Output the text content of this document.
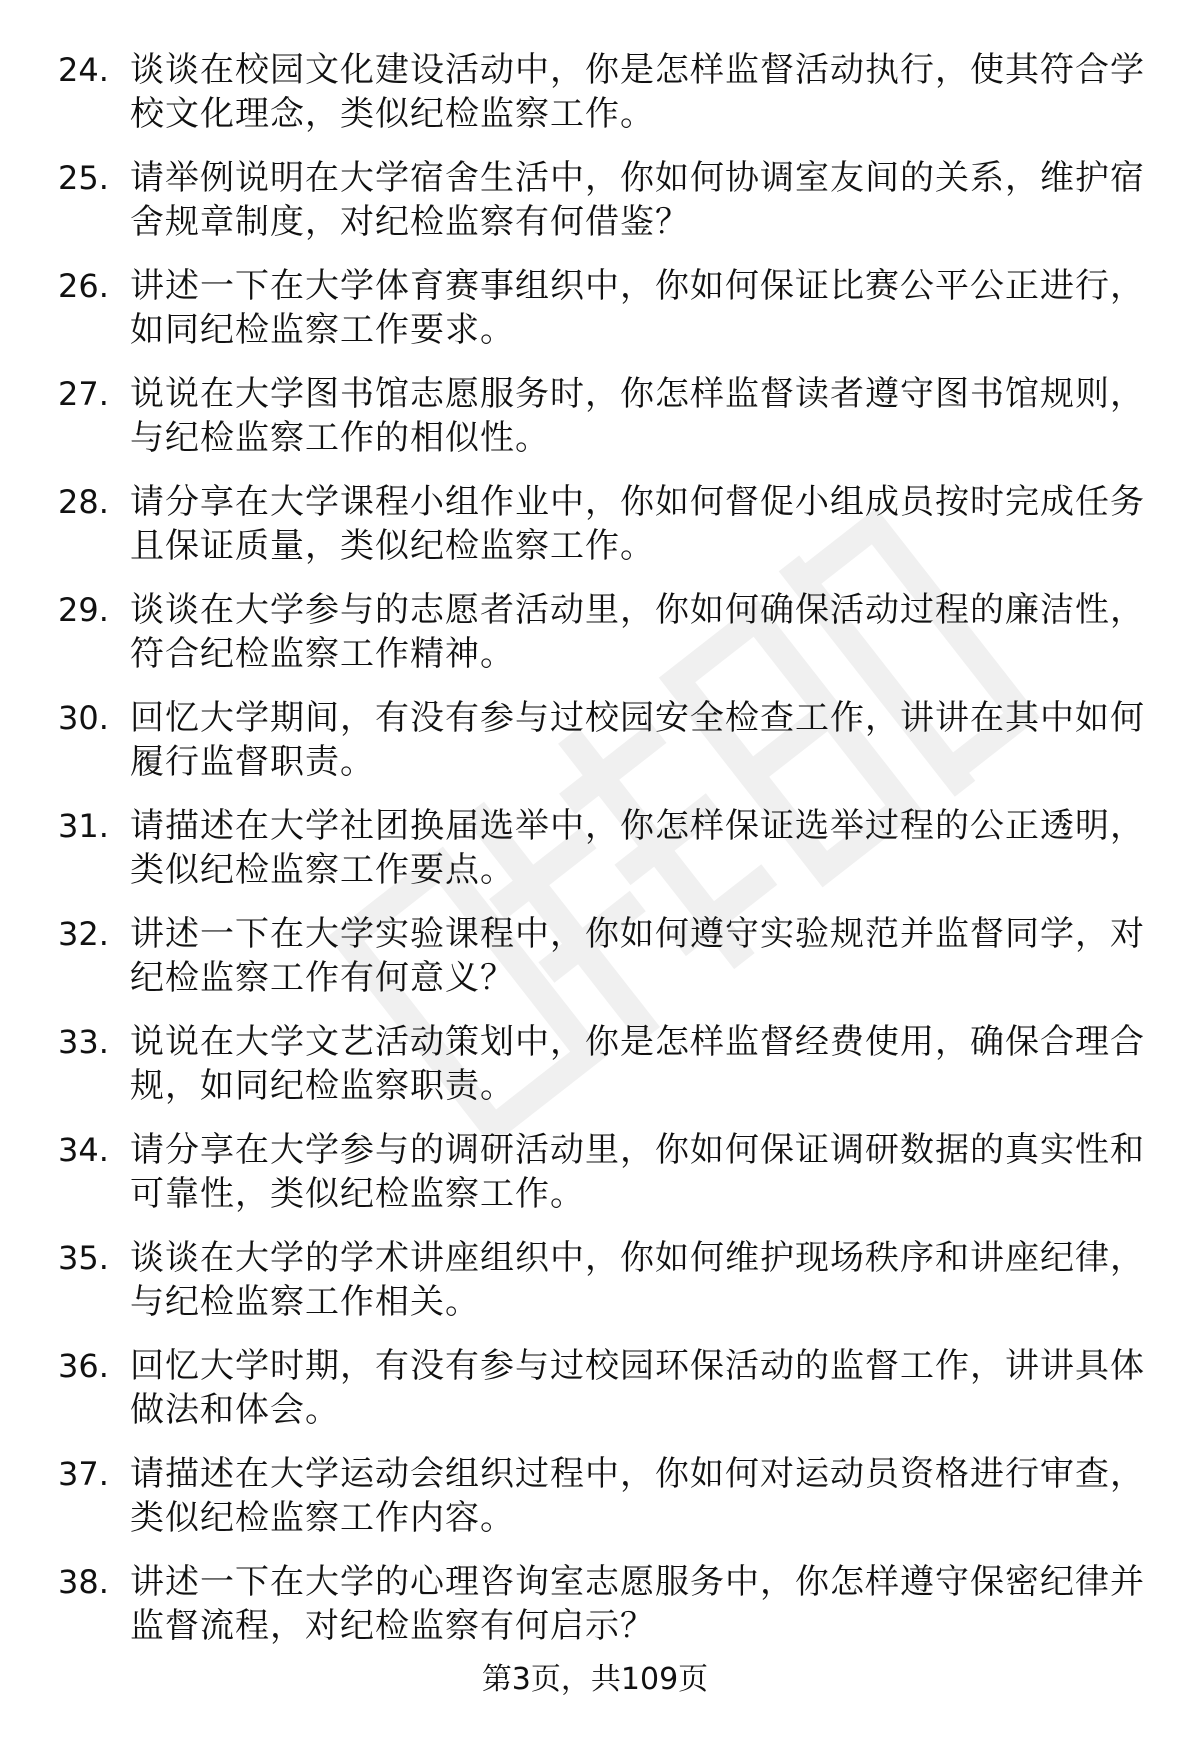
24. 谈谈在校园文化建设活动中，你是怎样监督活动执行，使其符合学校文化理念，类似纪检监察工作。
25. 请举例说明在大学宿舍生活中，你如何协调室友间的关系，维护宿舍规章制度，对纪检监察有何借鉴？
26. 讲述一下在大学体育赛事组织中，你如何保证比赛公平公正进行，如同纪检监察工作要求。
27. 说说在大学图书馆志愿服务时，你怎样监督读者遵守图书馆规则，与纪检监察工作的相似性。
28. 请分享在大学课程小组作业中，你如何督促小组成员按时完成任务且保证质量，类似纪检监察工作。
29. 谈谈在大学参与的志愿者活动里，你如何确保活动过程的廉洁性，符合纪检监察工作精神。
30. 回忆大学期间，有没有参与过校园安全检查工作，讲讲在其中如何履行监督职责。
31. 请描述在大学社团换届选举中，你怎样保证选举过程的公正透明，类似纪检监察工作要点。
32. 讲述一下在大学实验课程中，你如何遵守实验规范并监督同学，对纪检监察工作有何意义？
33. 说说在大学文艺活动策划中，你是怎样监督经费使用，确保合理合规，如同纪检监察职责。
34. 请分享在大学参与的调研活动里，你如何保证调研数据的真实性和可靠性，类似纪检监察工作。
35. 谈谈在大学的学术讲座组织中，你如何维护现场秩序和讲座纪律，与纪检监察工作相关。
36. 回忆大学时期，有没有参与过校园环保活动的监督工作，讲讲具体做法和体会。
37. 请描述在大学运动会组织过程中，你如何对运动员资格进行审查，类似纪检监察工作内容。
38. 讲述一下在大学的心理咨询室志愿服务中，你怎样遵守保密纪律并监督流程，对纪检监察有何启示？
第3页，共109页
